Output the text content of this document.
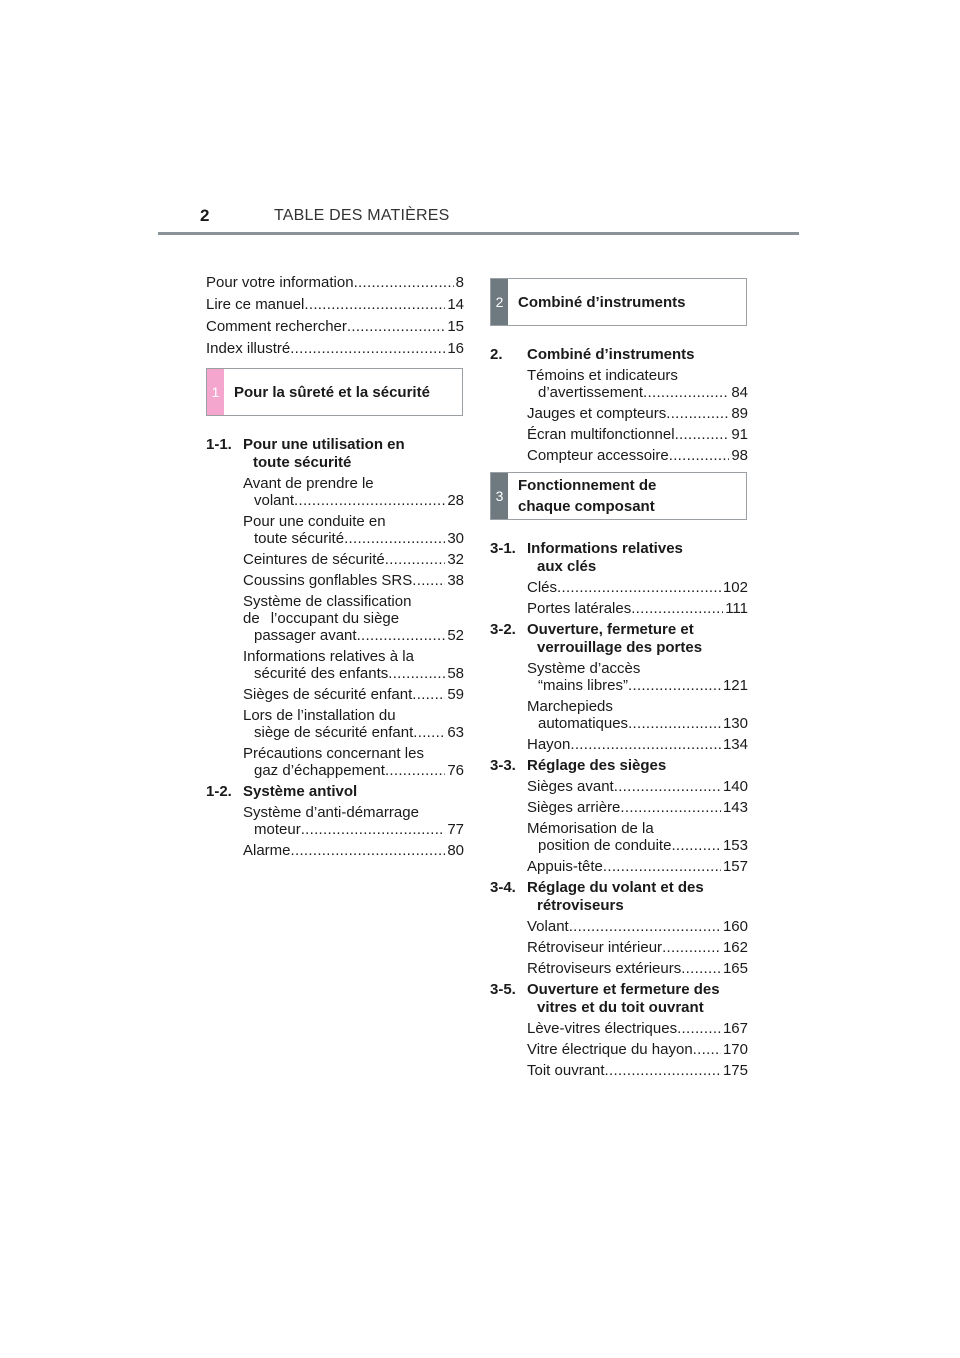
2	TABLE DES MATIÈRES
Pour votre information .....	8
Lire ce manuel .....	14
Comment rechercher .....	15
Index illustré .....	16
1 Pour la sûreté et la sécurité
1-1. Pour une utilisation en
toute sécurité
Avant de prendre le
volant .....	28
Pour une conduite en
toute sécurité .....	30
Ceintures de sécurité .....	32
Coussins gonflables SRS ..... 38
Système de classification de l’occupant du siège
passager avant .....	52
Informations relatives à la
sécurité des enfants .....	58
Sièges de sécurité enfant ..... 59
Lors de l’installation du
siège de sécurité enfant ..... 63
Précautions concernant les
gaz d’échappement .....	76
1-2. Système antivol
Système d’anti-démarrage
moteur .....	77
Alarme .....	80
2 Combiné d’instruments
2.	Combiné d’instruments
Témoins et indicateurs
d’avertissement .....	84
Jauges et compteurs .....	89
Écran multifonctionnel .....	91
Compteur accessoire .....	98
3
Fonctionnement de
chaque composant
3-1. Informations relatives
aux clés
Clés .....	102
Portes latérales .....	111
3-2. Ouverture, fermeture et
verrouillage des portes
Système d’accès
“mains libres” .....	121
Marchepieds
automatiques .....	130
Hayon .....	134
3-3. Réglage des sièges
Sièges avant .....	140
Sièges arrière .....	143
Mémorisation de la
position de conduite .....	153
Appuis-tête .....	157
3-4. Réglage du volant et des
rétroviseurs
Volant .....	160
Rétroviseur intérieur .....	162
Rétroviseurs extérieurs .....	165
3-5. Ouverture et fermeture des
vitres et du toit ouvrant
Lève-vitres électriques .....	167
Vitre électrique du hayon ..... 170
Toit ouvrant .....	175
